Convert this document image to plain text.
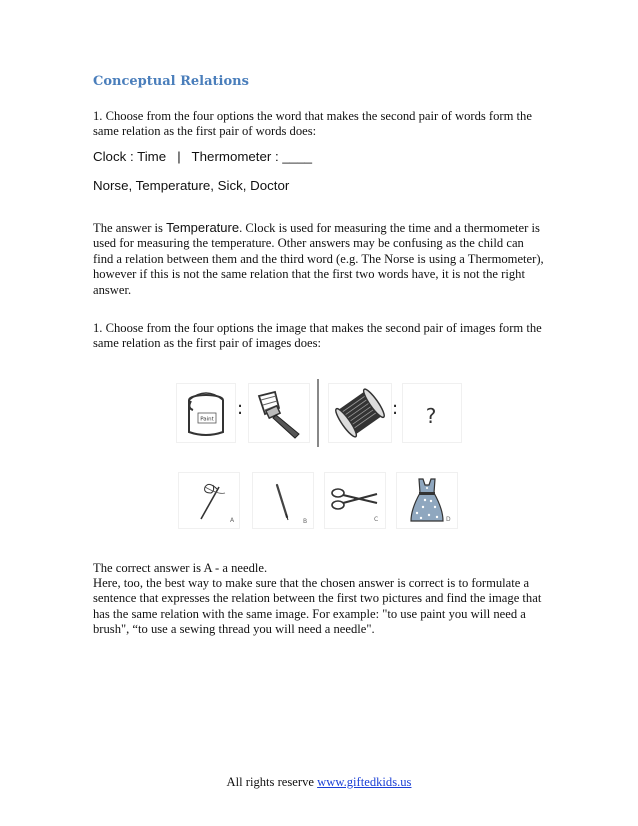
Conceptual Relations
1. Choose from the four options the word that makes the second pair of words form the same relation as the first pair of words does:
Clock : Time   |   Thermometer : ____
Norse, Temperature, Sick, Doctor
The answer is Temperature. Clock is used for measuring the time and a thermometer is used for measuring the temperature. Other answers may be confusing as the child can find a relation between them and the third word (e.g. The Norse is using a Thermometer), however if this is not the same relation that the first two words have, it is not the right answer.
1. Choose from the four options the image that makes the second pair of images form the same relation as the first pair of images does:
Paint
:	: ?
A	B	C	D
The correct answer is A - a needle.
Here, too, the best way to make sure that the chosen answer is correct is to formulate a sentence that expresses the relation between the first two pictures and find the image that has the same relation with the same image. For example: "to use paint you will need a brush", “to use a sewing thread you will need a needle".
All rights reserve www.giftedkids.us
